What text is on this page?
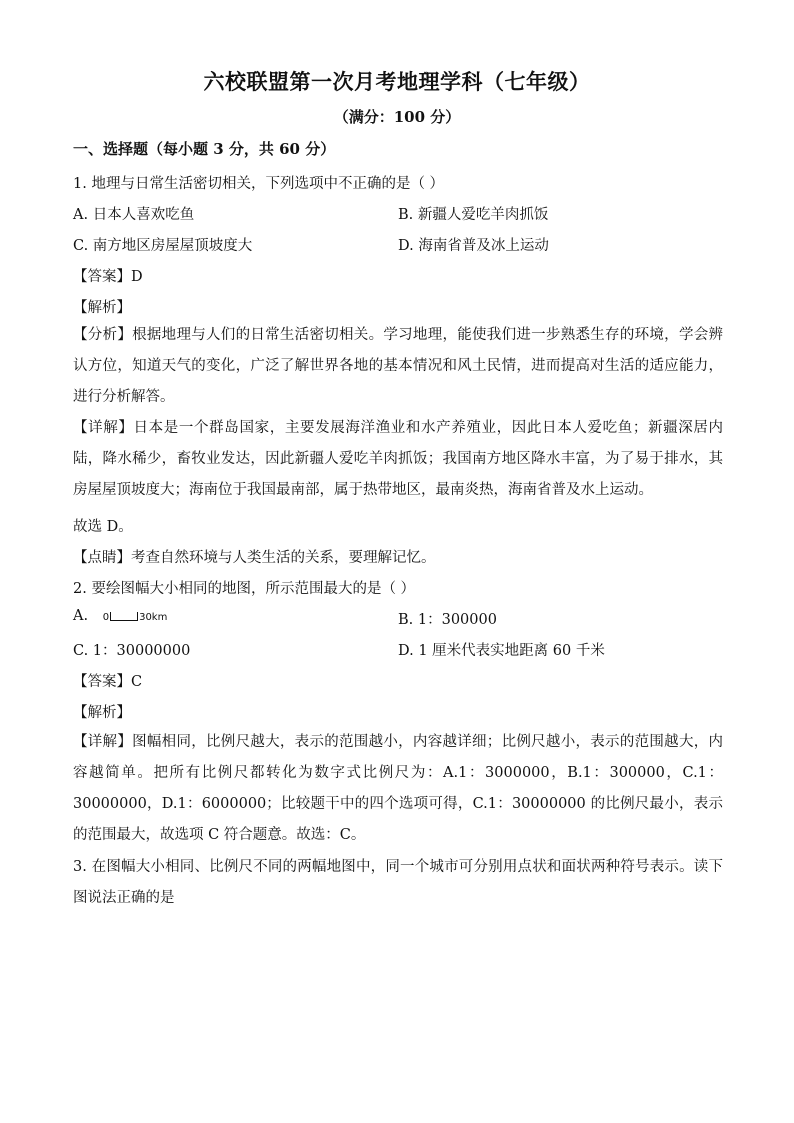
六校联盟第一次月考地理学科（七年级）
（满分：100 分）
一、选择题（每小题 3 分，共 60 分）
1. 地理与日常生活密切相关，下列选项中不正确的是（ ）
A. 日本人喜欢吃鱼	B. 新疆人爱吃羊肉抓饭
C. 南方地区房屋屋顶坡度大	D. 海南省普及冰上运动
【答案】D
【解析】
【分析】根据地理与人们的日常生活密切相关。学习地理，能使我们进一步熟悉生存的环境，学会辨认方位，知道天气的变化，广泛了解世界各地的基本情况和风土民情，进而提高对生活的适应能力，进行分析解答。
【详解】日本是一个群岛国家，主要发展海洋渔业和水产养殖业，因此日本人爱吃鱼；新疆深居内陆，降水稀少，畜牧业发达，因此新疆人爱吃羊肉抓饭；我国南方地区降水丰富，为了易于排水，其房屋屋顶坡度大；海南位于我国最南部，属于热带地区，最南炎热，海南省普及水上运动。
故选 D。
【点睛】考查自然环境与人类生活的关系，要理解记忆。
2. 要绘图幅大小相同的地图，所示范围最大的是（ ）
A. 0	30km	B. 1：300000
C. 1：30000000	D. 1 厘米代表实地距离 60 千米
【答案】C
【解析】
【详解】图幅相同，比例尺越大，表示的范围越小，内容越详细；比例尺越小，表示的范围越大，内容越简单。把所有比例尺都转化为数字式比例尺为：A.1：3000000，B.1：300000，C.1：30000000，D.1：6000000；比较题干中的四个选项可得，C.1：30000000 的比例尺最小，表示的范围最大，故选项 C 符合题意。故选：C。
3. 在图幅大小相同、比例尺不同的两幅地图中，同一个城市可分别用点状和面状两种符号表示。读下图说法正确的是
